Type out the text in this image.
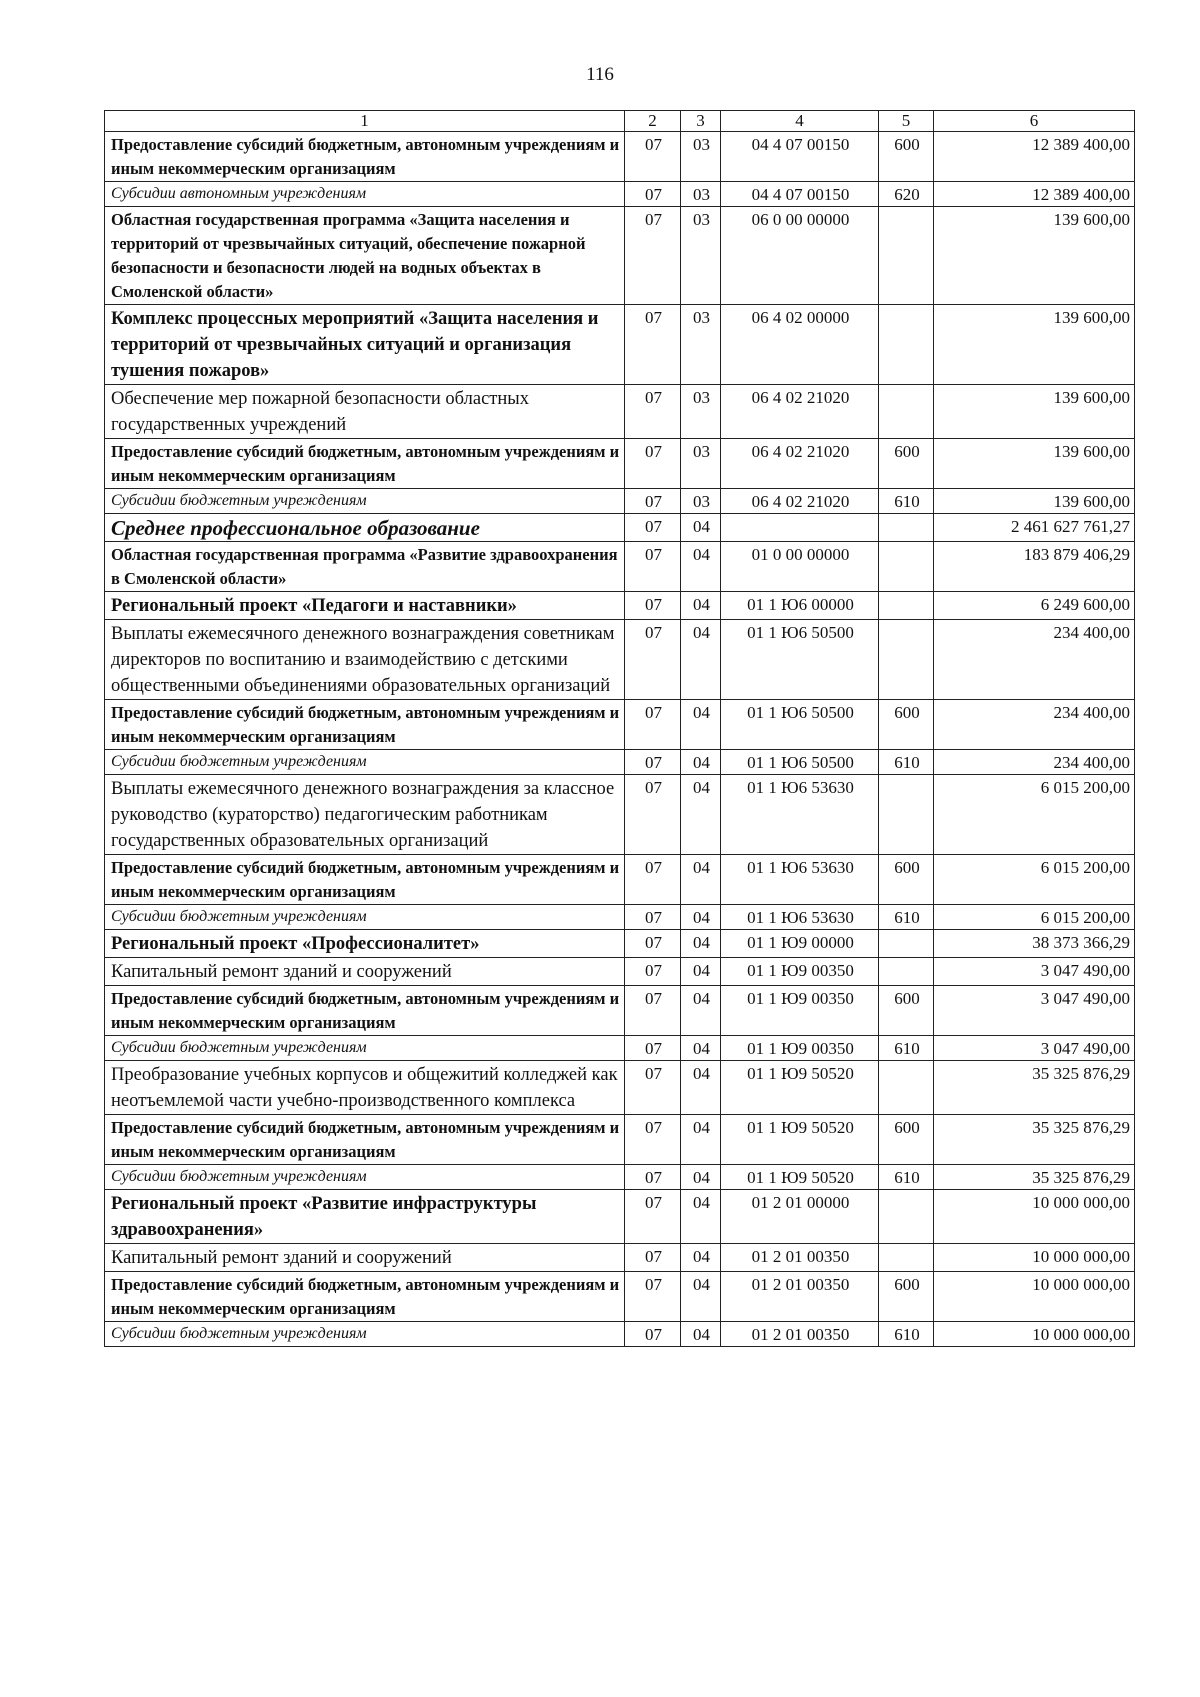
116
1	2	3	4	5	6
Предоставление субсидий бюджетным, автономным учреждениям и иным некоммерческим организациям	07	03	04 4 07 00150	600	12 389 400,00
Субсидии автономным учреждениям	07	03	04 4 07 00150	620	12 389 400,00
Областная государственная программа «Защита населения и территорий от чрезвычайных ситуаций, обеспечение пожарной безопасности и безопасности людей на водных объектах в Смоленской области»	07	03	06 0 00 00000		139 600,00
Комплекс процессных мероприятий «Защита населения и территорий от чрезвычайных ситуаций и организация тушения пожаров»	07	03	06 4 02 00000		139 600,00
Обеспечение мер пожарной безопасности областных государственных учреждений	07	03	06 4 02 21020		139 600,00
Предоставление субсидий бюджетным, автономным учреждениям и иным некоммерческим организациям	07	03	06 4 02 21020	600	139 600,00
Субсидии бюджетным учреждениям	07	03	06 4 02 21020	610	139 600,00
Среднее профессиональное образование	07	04			2 461 627 761,27
Областная государственная программа «Развитие здравоохранения в Смоленской области»	07	04	01 0 00 00000		183 879 406,29
Региональный проект «Педагоги и наставники»	07	04	01 1 Ю6 00000		6 249 600,00
Выплаты ежемесячного денежного вознаграждения советникам директоров по воспитанию и взаимодействию с детскими общественными объединениями образовательных организаций	07	04	01 1 Ю6 50500		234 400,00
Предоставление субсидий бюджетным, автономным учреждениям и иным некоммерческим организациям	07	04	01 1 Ю6 50500	600	234 400,00
Субсидии бюджетным учреждениям	07	04	01 1 Ю6 50500	610	234 400,00
Выплаты ежемесячного денежного вознаграждения за классное руководство (кураторство) педагогическим работникам государственных образовательных организаций	07	04	01 1 Ю6 53630		6 015 200,00
Предоставление субсидий бюджетным, автономным учреждениям и иным некоммерческим организациям	07	04	01 1 Ю6 53630	600	6 015 200,00
Субсидии бюджетным учреждениям	07	04	01 1 Ю6 53630	610	6 015 200,00
Региональный проект «Профессионалитет»	07	04	01 1 Ю9 00000		38 373 366,29
Капитальный ремонт зданий и сооружений	07	04	01 1 Ю9 00350		3 047 490,00
Предоставление субсидий бюджетным, автономным учреждениям и иным некоммерческим организациям	07	04	01 1 Ю9 00350	600	3 047 490,00
Субсидии бюджетным учреждениям	07	04	01 1 Ю9 00350	610	3 047 490,00
Преобразование учебных корпусов и общежитий колледжей как неотъемлемой части учебно-производственного комплекса	07	04	01 1 Ю9 50520		35 325 876,29
Предоставление субсидий бюджетным, автономным учреждениям и иным некоммерческим организациям	07	04	01 1 Ю9 50520	600	35 325 876,29
Субсидии бюджетным учреждениям	07	04	01 1 Ю9 50520	610	35 325 876,29
Региональный проект «Развитие инфраструктуры здравоохранения»	07	04	01 2 01 00000		10 000 000,00
Капитальный ремонт зданий и сооружений	07	04	01 2 01 00350		10 000 000,00
Предоставление субсидий бюджетным, автономным учреждениям и иным некоммерческим организациям	07	04	01 2 01 00350	600	10 000 000,00
Субсидии бюджетным учреждениям	07	04	01 2 01 00350	610	10 000 000,00
